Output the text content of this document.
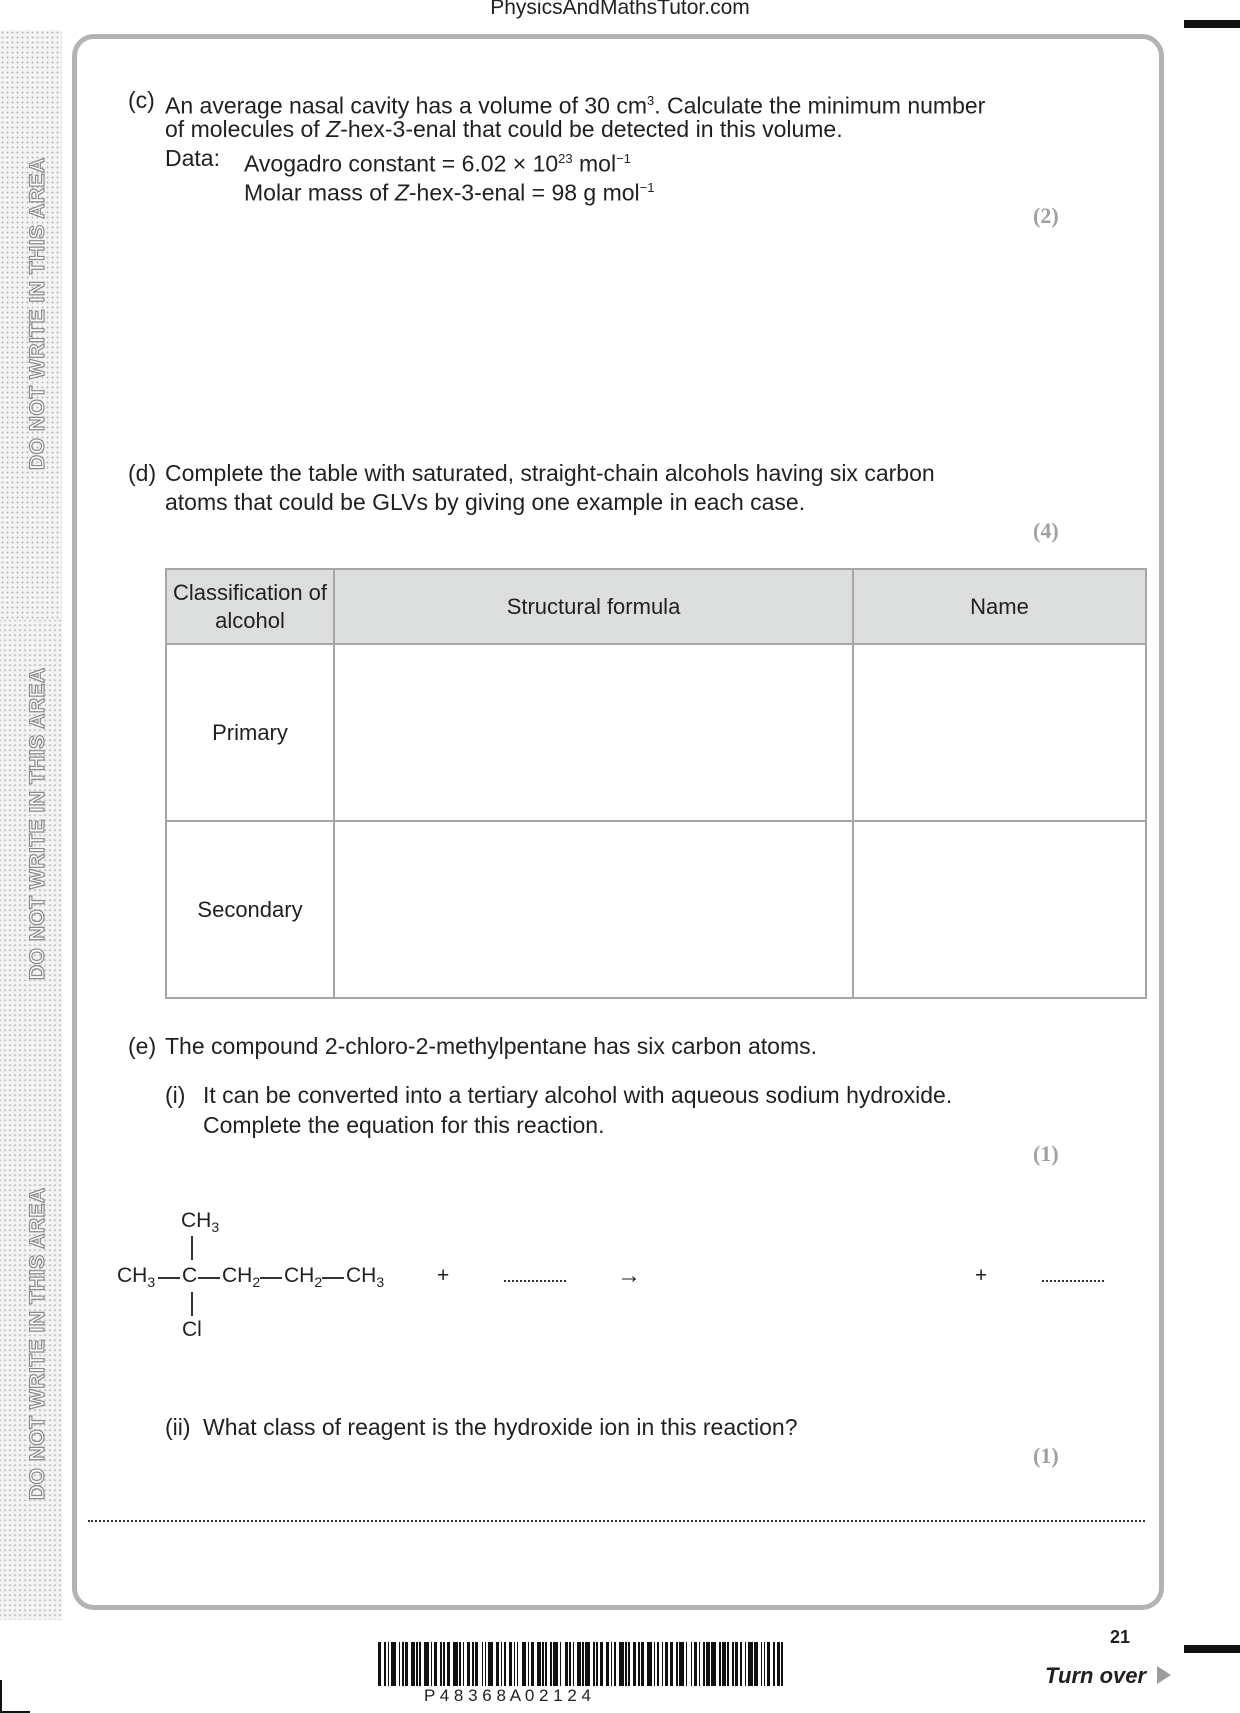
PhysicsAndMathsTutor.com
DO NOT WRITE IN THIS AREA
DO NOT WRITE IN THIS AREA
DO NOT WRITE IN THIS AREA
(c) An average nasal cavity has a volume of 30 $cm^3$. Calculate the minimum number
of molecules of Z-hex-3-enal that could be detected in this volume.
Data: Avogadro constant = $6.02 \times 10^{23}$ mol$^{-1}$
Molar mass of Z-hex-3-enal = 98 g mol$^{-1}$
(2)
(d) Complete the table with saturated, straight-chain alcohols having six carbon
atoms that could be GLVs by giving one example in each case.
(4)
Classification of alcohol	Structural formula	Name
Primary		
Secondary		
(e) The compound 2-chloro-2-methylpentane has six carbon atoms.
(i) It can be converted into a tertiary alcohol with aqueous sodium hydroxide.
Complete the equation for this reaction.
(1)
$CH_3$
$CH_3$ C $CH_2$ $CH_2$ $CH_3$
Cl
+	→	+
(ii) What class of reagent is the hydroxide ion in this reaction?
(1)
P 4 8 3 6 8 A 0 2 1 2 4
21
Turn over
